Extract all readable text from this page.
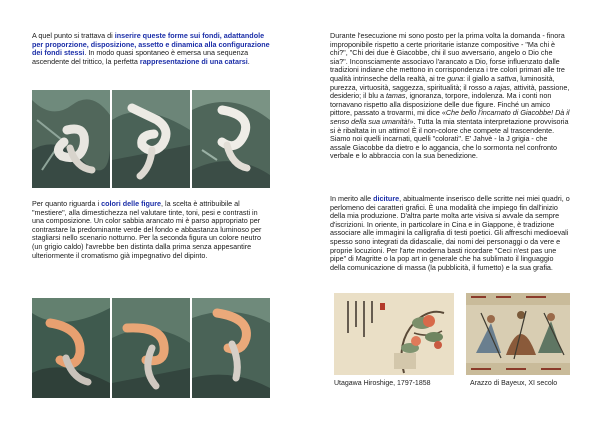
A quel punto si trattava di inserire queste forme sui fondi, adattandole per proporzione, disposizione, assetto e dinamica alla configurazione dei fondi stessi. In modo quasi spontaneo è emersa una sequenza ascendente del trittico, la perfetta rappresentazione di una catarsi.

Per quanto riguarda i colori delle figure, la scelta è attribuibile al "mestiere", alla dimestichezza nel valutare tinte, toni, pesi e contrasti in una composizione. Un color sabbia arancato mi è parso appropriato per contrastare la predominante verde del fondo e abbastanza luminoso per stagliarsi nello scenario notturno. Per la seconda figura un colore neutro (un grigio caldo) l'avrebbe ben distinta dalla prima senza appesantire ulteriormente il cromatismo già impegnativo del dipinto.

Durante l'esecuzione mi sono posto per la prima volta la domanda - finora improponibile rispetto a certe prioritarie istanze compositive - "Ma chi è chi?", "Chi dei due è Giacobbe, chi il suo avversario, angelo o Dio che sia?". Inconsciamente associavo l'arancato a Dio, forse influenzato dalle tradizioni indiane che mettono in corrispondenza i tre colori primari alle tre qualità intrinseche della realtà, ai tre guna: il giallo a sattva, luminosità, purezza, virtuosità, saggezza, spiritualità; il rosso a rajas, attività, passione, desiderio; il blu a tamas, ignoranza, torpore, indolenza. Ma i conti non tornavano rispetto alla disposizione delle due figure. Finché un amico pittore, passato a trovarmi, mi dice «Che bello l'incarnato di Giacobbe! Dà il senso della sua umanità!». Tutta la mia stentata interpretazione provvisoria si è ribaltata in un attimo! È il non-colore che compete al trascendente. Siamo noi quelli incarnati, quelli "colorati". E' Jahvè - la J grigia - che assale Giacobbe da dietro e lo aggancia, che lo sormonta nel confronto verbale e lo abbraccia con la sua benedizione.

In merito alle diciture, abitualmente inserisco delle scritte nei miei quadri, o perlomeno dei caratteri grafici. È una modalità che impiego fin dall'inizio della mia produzione. D'altra parte molta arte visiva si avvale da sempre d'iscrizioni. In oriente, in particolare in Cina e in Giappone, è tradizione associare alle immagini la calligrafia di testi poetici. Gli affreschi medioevali spesso sono integrati da didascalie, dai nomi dei personaggi o da vere e proprie locuzioni. Per l'arte moderna basti ricordare "Ceci n'est pas une pipe" di Magritte o la pop art in generale che ha sublimato il linguaggio della comunicazione di massa (la pubblicità, il fumetto) e la sua grafia.

Utagawa Hiroshige, 1797-1858	Arazzo di Bayeux, XI secolo
